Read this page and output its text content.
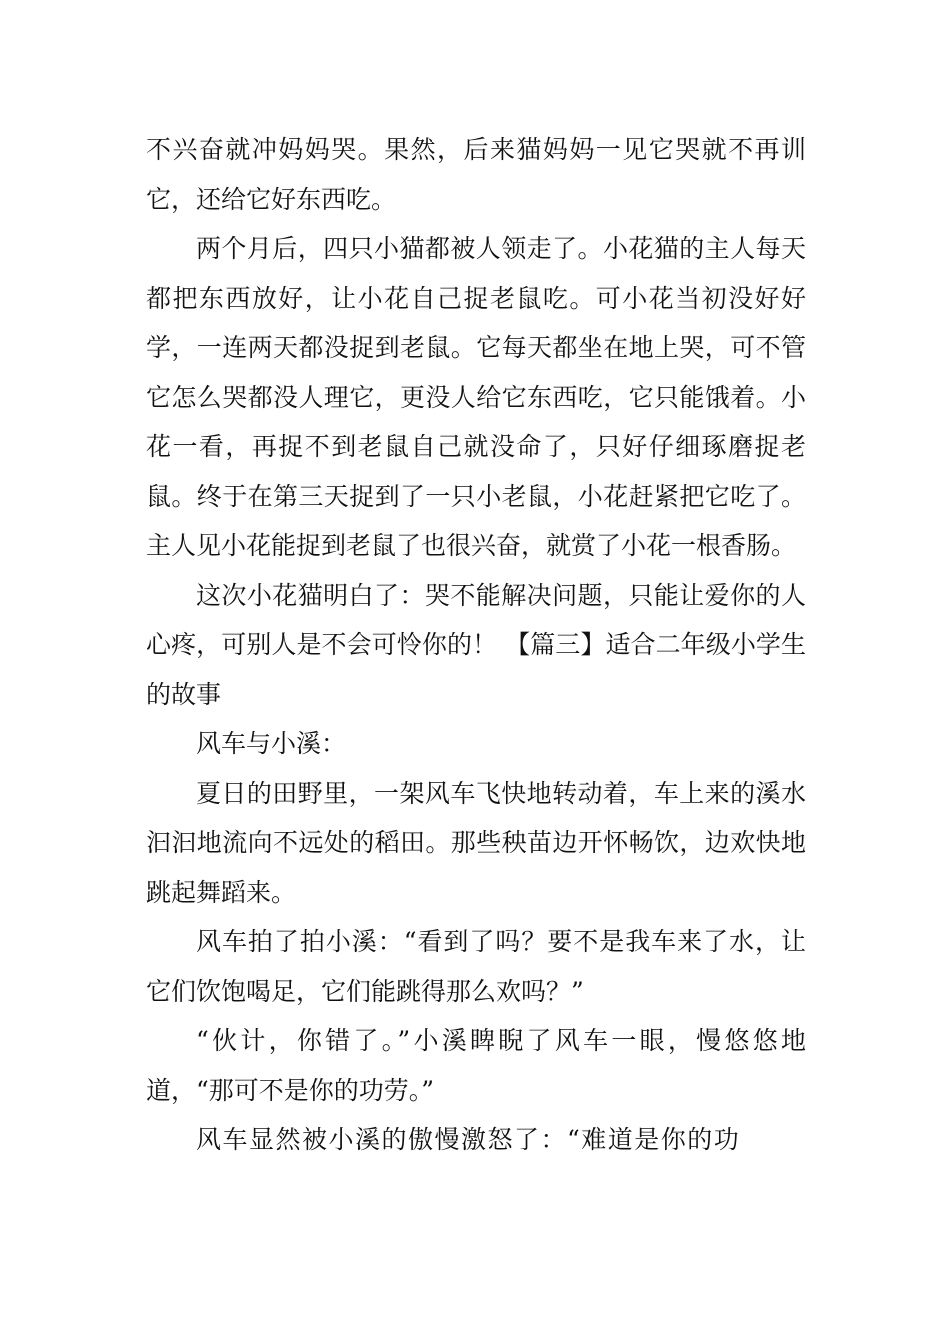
不兴奋就冲妈妈哭。果然，后来猫妈妈一见它哭就不再训它，还给它好东西吃。

两个月后，四只小猫都被人领走了。小花猫的主人每天都把东西放好，让小花自己捉老鼠吃。可小花当初没好好学，一连两天都没捉到老鼠。它每天都坐在地上哭，可不管它怎么哭都没人理它，更没人给它东西吃，它只能饿着。小花一看，再捉不到老鼠自己就没命了，只好仔细琢磨捉老鼠。终于在第三天捉到了一只小老鼠，小花赶紧把它吃了。主人见小花能捉到老鼠了也很兴奋，就赏了小花一根香肠。

这次小花猫明白了：哭不能解决问题，只能让爱你的人心疼，可别人是不会可怜你的！ 【篇三】适合二年级小学生的故事

风车与小溪：

夏日的田野里，一架风车飞快地转动着，车上来的溪水汩汩地流向不远处的稻田。那些秧苗边开怀畅饮，边欢快地跳起舞蹈来。

风车拍了拍小溪：“看到了吗？要不是我车来了水，让它们饮饱喝足，它们能跳得那么欢吗？”

“伙计，你错了。”小溪睥睨了风车一眼，慢悠悠地道，“那可不是你的功劳。”

风车显然被小溪的傲慢激怒了：“难道是你的功
